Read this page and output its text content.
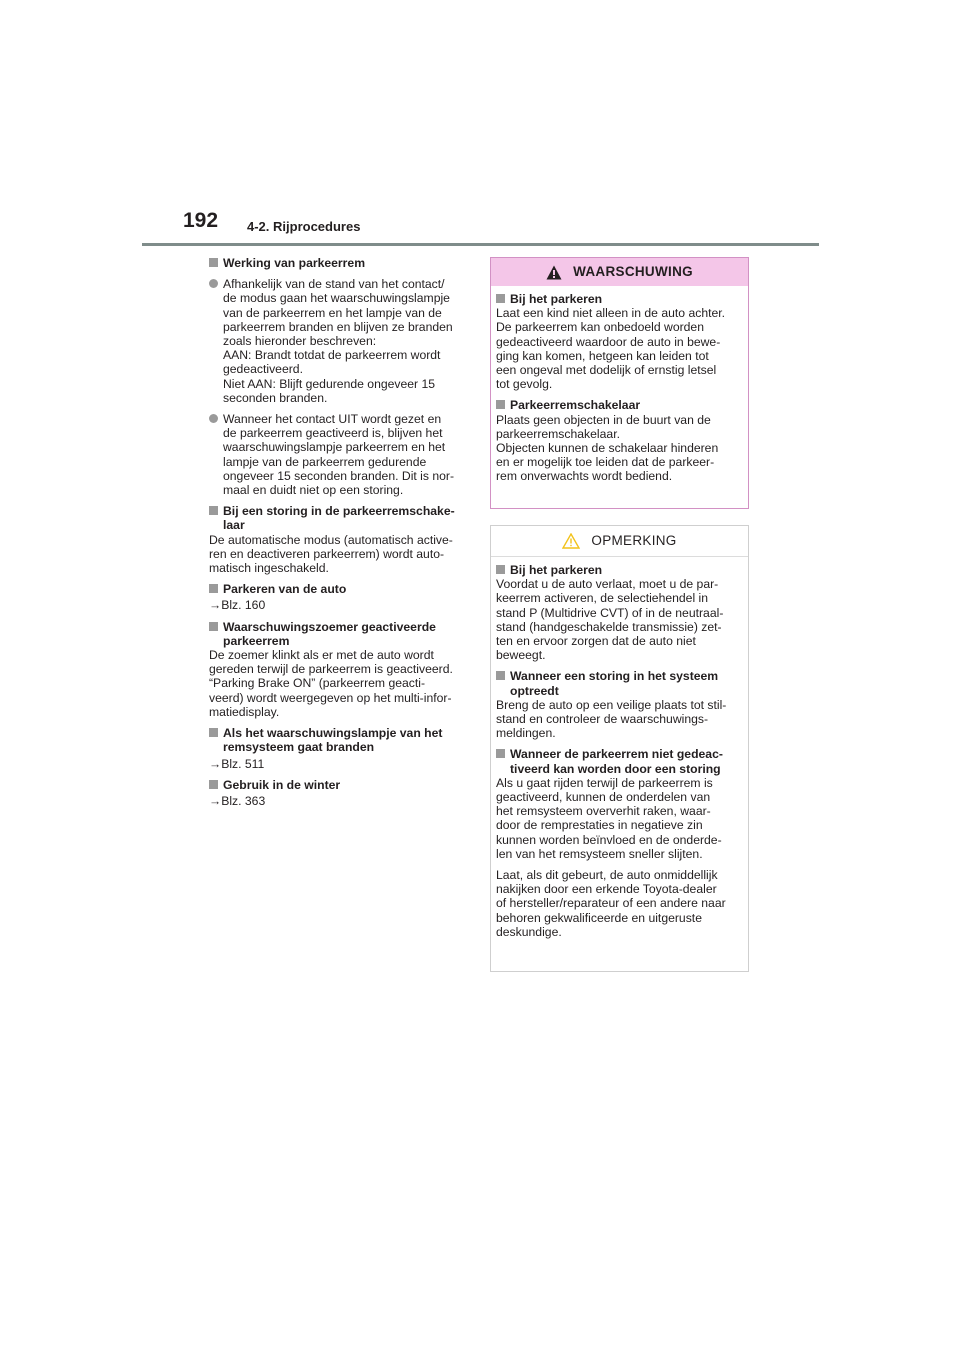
192 4-2. Rijprocedures
Werking van parkeerrem
Afhankelijk van de stand van het contact/
de modus gaan het waarschuwingslampje
van de parkeerrem en het lampje van de
parkeerrem branden en blijven ze branden
zoals hieronder beschreven:
AAN: Brandt totdat de parkeerrem wordt
gedeactiveerd.
Niet AAN: Blijft gedurende ongeveer 15
seconden branden.
Wanneer het contact UIT wordt gezet en
de parkeerrem geactiveerd is, blijven het
waarschuwingslampje parkeerrem en het
lampje van de parkeerrem gedurende
ongeveer 15 seconden branden. Dit is nor-
maal en duidt niet op een storing.
Bij een storing in de parkeerremschake-
laar
De automatische modus (automatisch active-
ren en deactiveren parkeerrem) wordt auto-
matisch ingeschakeld.
Parkeren van de auto
→Blz. 160
Waarschuwingszoemer geactiveerde
parkeerrem
De zoemer klinkt als er met de auto wordt
gereden terwijl de parkeerrem is geactiveerd.
“Parking Brake ON” (parkeerrem geacti-
veerd) wordt weergegeven op het multi-infor-
matiedisplay.
Als het waarschuwingslampje van het
remsysteem gaat branden
→Blz. 511
Gebruik in de winter
→Blz. 363
WAARSCHUWING
Bij het parkeren
Laat een kind niet alleen in de auto achter.
De parkeerrem kan onbedoeld worden
gedeactiveerd waardoor de auto in bewe-
ging kan komen, hetgeen kan leiden tot
een ongeval met dodelijk of ernstig letsel
tot gevolg.
Parkeerremschakelaar
Plaats geen objecten in de buurt van de
parkeerremschakelaar.
Objecten kunnen de schakelaar hinderen
en er mogelijk toe leiden dat de parkeer-
rem onverwachts wordt bediend.
OPMERKING
Bij het parkeren
Voordat u de auto verlaat, moet u de par-
keerrem activeren, de selectiehendel in
stand P (Multidrive CVT) of in de neutraal-
stand (handgeschakelde transmissie) zet-
ten en ervoor zorgen dat de auto niet
beweegt.
Wanneer een storing in het systeem
optreedt
Breng de auto op een veilige plaats tot stil-
stand en controleer de waarschuwings-
meldingen.
Wanneer de parkeerrem niet gedeac-
tiveerd kan worden door een storing
Als u gaat rijden terwijl de parkeerrem is
geactiveerd, kunnen de onderdelen van
het remsysteem oververhit raken, waar-
door de remprestaties in negatieve zin
kunnen worden beïnvloed en de onderde-
len van het remsysteem sneller slijten.
Laat, als dit gebeurt, de auto onmiddellijk
nakijken door een erkende Toyota-dealer
of hersteller/reparateur of een andere naar
behoren gekwalificeerde en uitgeruste
deskundige.
